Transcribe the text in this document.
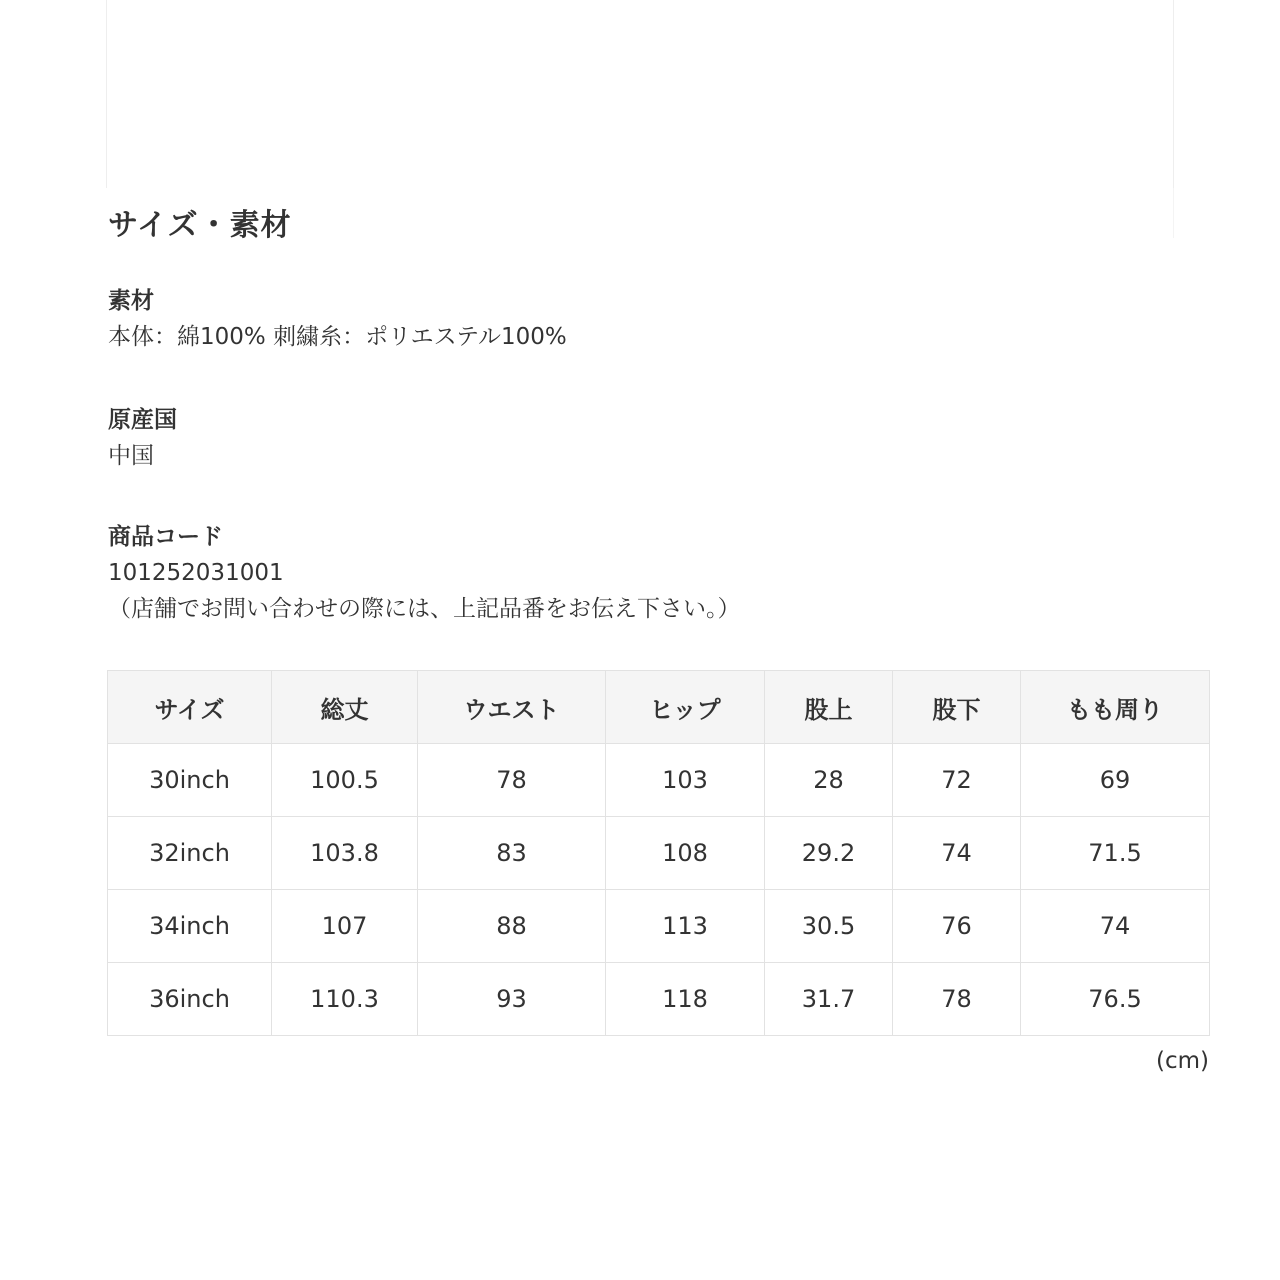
サイズ・素材
素材
本体：綿100% 刺繍糸：ポリエステル100%
原産国
中国
商品コード
101252031001
（店舗でお問い合わせの際には、上記品番をお伝え下さい。）
サイズ	総丈	ウエスト	ヒップ	股上	股下	もも周り
30inch	100.5	78	103	28	72	69
32inch	103.8	83	108	29.2	74	71.5
34inch	107	88	113	30.5	76	74
36inch	110.3	93	118	31.7	78	76.5
(cm)
